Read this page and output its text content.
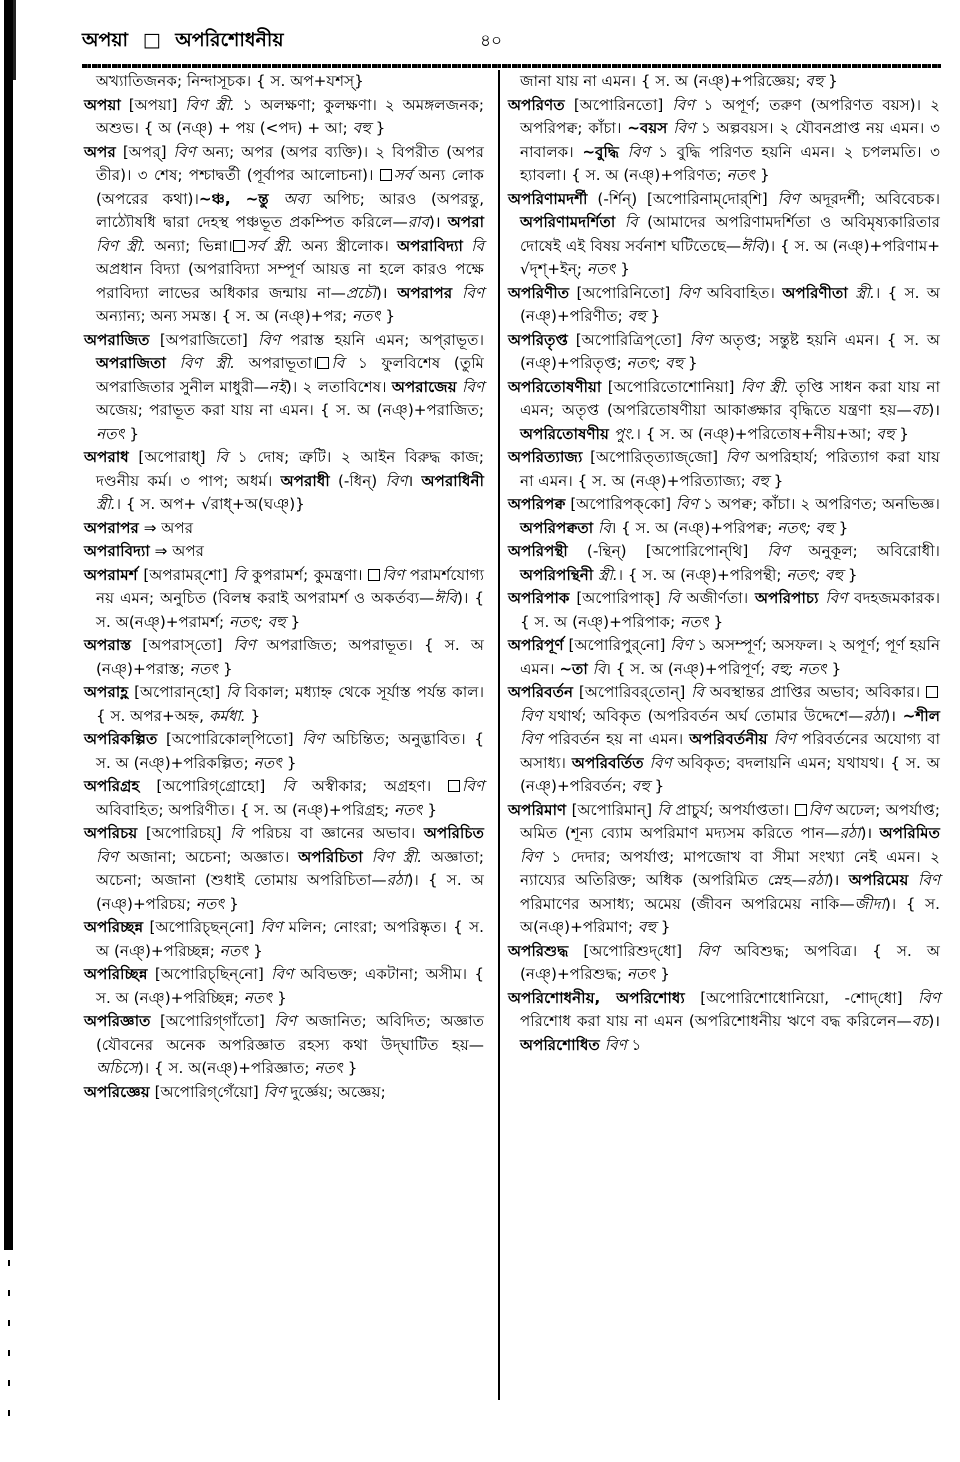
অপয়া □ অপরিশোধনীয়	৪০

অখ্যাতিজনক; নিন্দাসূচক। { স. অপ+যশস্‌}

অপয়া [অপয়া] বিণ স্ত্রী. ১ অলক্ষণা; কুলক্ষণা। ২ অমঙ্গলজনক; অশুভ। { অ (নঞ্‌) + পয় (<পদ) + আ; বহু }

অপর [অপর্‌] বিণ অন্য; অপর (অপর ব্যক্তি)। ২ বিপরীত (অপর তীর)। ৩ শেষ; পশ্চাদ্বর্তী (পূর্বাপর আলোচনা)। সর্ব অন্য লোক (অপরের কথা)।~ঞ্চ, ~ন্তু অব্য অপিচ; আরও (অপরন্তু, লাঠ্যৌষধি দ্বারা দেহস্থ পঞ্চভূত প্রকম্পিত করিলে—রাব)। অপরা বিণ স্ত্রী. অন্যা; ভিন্না। সর্ব স্ত্রী. অন্য স্ত্রীলোক। অপরাবিদ্যা বি অপ্রধান বিদ্যা (অপরাবিদ্যা সম্পূর্ণ আয়ত্ত না হলে কারও পক্ষে পরাবিদ্যা লাভের অধিকার জন্মায় না—প্রচৌ)। অপরাপর বিণ অন্যান্য; অন্য সমস্ত। { স. অ (নঞ্‌)+পর; নতৎ }

অপরাজিত [অপরাজিতো] বিণ পরাস্ত হয়নি এমন; অপ্‌রাভূত। অপরাজিতা বিণ স্ত্রী. অপরাভূতা। বি ১ ফুলবিশেষ (তুমি অপরাজিতার সুনীল মাধুরী—নই)। ২ লতাবিশেষ। অপরাজেয় বিণ অজেয়; পরাভূত করা যায় না এমন। { স. অ (নঞ্‌)+পরাজিত; নতৎ }

অপরাধ [অপোরাধ্‌] বি ১ দোষ; ত্রুটি। ২ আইন বিরুদ্ধ কাজ; দণ্ডনীয় কর্ম। ৩ পাপ; অধর্ম। অপরাধী (-ধিন্‌) বিণ। অপরাধিনী স্ত্রী.। { স. অপ+ √রাধ্‌+অ(ঘঞ্‌)}

অপরাপর ⇒ অপর

অপরাবিদ্যা ⇒ অপর

অপরামর্শ [অপরামর্‌শো] বি কুপরামর্শ; কুমন্ত্রণা। বিণ পরামর্শযোগ্য নয় এমন; অনুচিত (বিলম্ব করাই অপরামর্শ ও অকর্তব্য—ঈবি)। { স. অ(নঞ্‌)+পরামর্শ; নতৎ; বহু }

অপরাস্ত [অপরাস্‌তো] বিণ অপরাজিত; অপরাভূত। { স. অ (নঞ্‌)+পরাস্ত; নতৎ }

অপরাহ্ণ [অপোরান্‌হো] বি বিকাল; মধ্যাহ্ন থেকে সূর্যাস্ত পর্যন্ত কাল। { স. অপর+অহ্ন, কর্মধা. }

অপরিকল্পিত [অপোরিকোল্‌পিতো] বিণ অচিন্তিত; অনুদ্ভাবিত। { স. অ (নঞ্‌)+পরিকল্পিত; নতৎ }

অপরিগ্রহ [অপোরিগ্‌গ্রোহো] বি অস্বীকার; অগ্রহণ। বিণ অবিবাহিত; অপরিণীত। { স. অ (নঞ্‌)+পরিগ্রহ; নতৎ }

অপরিচয় [অপোরিচয়্‌] বি পরিচয় বা জ্ঞানের অভাব। অপরিচিত বিণ অজানা; অচেনা; অজ্ঞাত। অপরিচিতা বিণ স্ত্রী. অজ্ঞাতা; অচেনা; অজানা (শুধাই তোমায় অপরিচিতা—রঠা)। { স. অ (নঞ্‌)+পরিচয়; নতৎ }

অপরিচ্ছন্ন [অপোরিচ্‌ছন্‌নো] বিণ মলিন; নোংরা; অপরিষ্কৃত। { স. অ (নঞ্‌)+পরিচ্ছন্ন; নতৎ }

অপরিচ্ছিন্ন [অপোরিচ্‌ছিন্‌নো] বিণ অবিভক্ত; একটানা; অসীম। { স. অ (নঞ্‌)+পরিচ্ছিন্ন; নতৎ }

অপরিজ্ঞাত [অপোরিগ্‌গাঁতো] বিণ অজানিত; অবিদিত; অজ্ঞাত (যৌবনের অনেক অপরিজ্ঞাত রহস্য কথা উদ্‌ঘাটিত হয়—অচিসে)। { স. অ(নঞ্‌)+পরিজ্ঞাত; নতৎ }

অপরিজ্ঞেয় [অপোরিগ্‌গেঁয়ো] বিণ দুর্জ্ঞেয়; অজ্ঞেয়;

জানা যায় না এমন। { স. অ (নঞ্‌)+পরিজ্ঞেয়; বহু }

অপরিণত [অপোরিনতো] বিণ ১ অপূর্ণ; তরুণ (অপরিণত বয়স)। ২ অপরিপক্ব; কাঁচা। ~বয়স বিণ ১ অল্পবয়স। ২ যৌবনপ্রাপ্ত নয় এমন। ৩ নাবালক। ~বুদ্ধি বিণ ১ বুদ্ধি পরিণত হয়নি এমন। ২ চপলমতি। ৩ হ্যাবলা। { স. অ (নঞ্‌)+পরিণত; নতৎ }

অপরিণামদর্শী (-র্শিন্‌) [অপোরিনাম্‌দোর্‌শি] বিণ অদূরদর্শী; অবিবেচক। অপরিণামদর্শিতা বি (আমাদের অপরিণামদর্শিতা ও অবিমৃষ্যকারিতার দোষেই এই বিষয় সর্বনাশ ঘটিতেছে—ঈবি)। { স. অ (নঞ্‌)+পরিণাম+ √দৃশ্‌+ইন্‌; নতৎ }

অপরিণীত [অপোরিনিতো] বিণ অবিবাহিত। অপরিণীতা স্ত্রী.। { স. অ (নঞ্‌)+পরিণীত; বহু }

অপরিতৃপ্ত [অপোরিত্রিপ্‌তো] বিণ অতৃপ্ত; সন্তুষ্ট হয়নি এমন। { স. অ (নঞ্‌)+পরিতৃপ্ত; নতৎ; বহু }

অপরিতোষণীয়া [অপোরিতোশোনিয়া] বিণ স্ত্রী. তৃপ্তি সাধন করা যায় না এমন; অতৃপ্ত (অপরিতোষণীয়া আকাঙ্ক্ষার বৃদ্ধিতে যন্ত্রণা হয়—বচ)। অপরিতোষণীয় পুং.। { স. অ (নঞ্‌)+পরিতোষ+নীয়+আ; বহু }

অপরিত্যাজ্য [অপোরিত্‌ত্যাজ্‌জো] বিণ অপরিহার্য; পরিত্যাগ করা যায় না এমন। { স. অ (নঞ্‌)+পরিত্যাজ্য; বহু }

অপরিপক্ব [অপোরিপক্‌কো] বিণ ১ অপক্ব; কাঁচা। ২ অপরিণত; অনভিজ্ঞ। অপরিপক্বতা বি। { স. অ (নঞ্‌)+পরিপক্ব; নতৎ; বহু }

অপরিপন্থী (-ন্থিন্‌) [অপোরিপোন্‌থি] বিণ অনুকূল; অবিরোধী। অপরিপন্থিনী স্ত্রী.। { স. অ (নঞ্‌)+পরিপন্থী; নতৎ; বহু }

অপরিপাক [অপোরিপাক্‌] বি অজীর্ণতা। অপরিপাচ্য বিণ বদহজমকারক। { স. অ (নঞ্‌)+পরিপাক; নতৎ }

অপরিপূর্ণ [অপোরিপুর্‌নো] বিণ ১ অসম্পূর্ণ; অসফল। ২ অপূর্ণ; পূর্ণ হয়নি এমন। ~তা বি। { স. অ (নঞ্‌)+পরিপূর্ণ; বহু; নতৎ }

অপরিবর্তন [অপোরিবর্‌তোন্‌] বি অবস্থান্তর প্রাপ্তির অভাব; অবিকার। বিণ যথার্থ; অবিকৃত (অপরিবর্তন অর্ঘ তোমার উদ্দেশে—রঠা)। ~শীল বিণ পরিবর্তন হয় না এমন। অপরিবর্তনীয় বিণ পরিবর্তনের অযোগ্য বা অসাধ্য। অপরিবর্তিত বিণ অবিকৃত; বদলায়নি এমন; যথাযথ। { স. অ (নঞ্‌)+পরিবর্তন; বহু }

অপরিমাণ [অপোরিমান্‌] বি প্রাচুর্য; অপর্যাপ্ততা। বিণ অঢেল; অপর্যাপ্ত; অমিত (শূন্য ব্যোম অপরিমাণ মদ্যসম করিতে পান—রঠা)। অপরিমিত বিণ ১ দেদার; অপর্যাপ্ত; মাপজোখ বা সীমা সংখ্যা নেই এমন। ২ ন্যায্যের অতিরিক্ত; অধিক (অপরিমিত স্নেহ—রঠা)। অপরিমেয় বিণ পরিমাণের অসাধ্য; অমেয় (জীবন অপরিমেয় নাকি—জীদা)। { স. অ(নঞ্‌)+পরিমাণ; বহু }

অপরিশুদ্ধ [অপোরিশুদ্‌ধো] বিণ অবিশুদ্ধ; অপবিত্র। { স. অ (নঞ্‌)+পরিশুদ্ধ; নতৎ }

অপরিশোধনীয়, অপরিশোধ্য [অপোরিশোধোনিয়ো, -শোদ্‌ধো] বিণ পরিশোধ করা যায় না এমন (অপরিশোধনীয় ঋণে বদ্ধ করিলেন—বচ)। অপরিশোধিত বিণ ১
